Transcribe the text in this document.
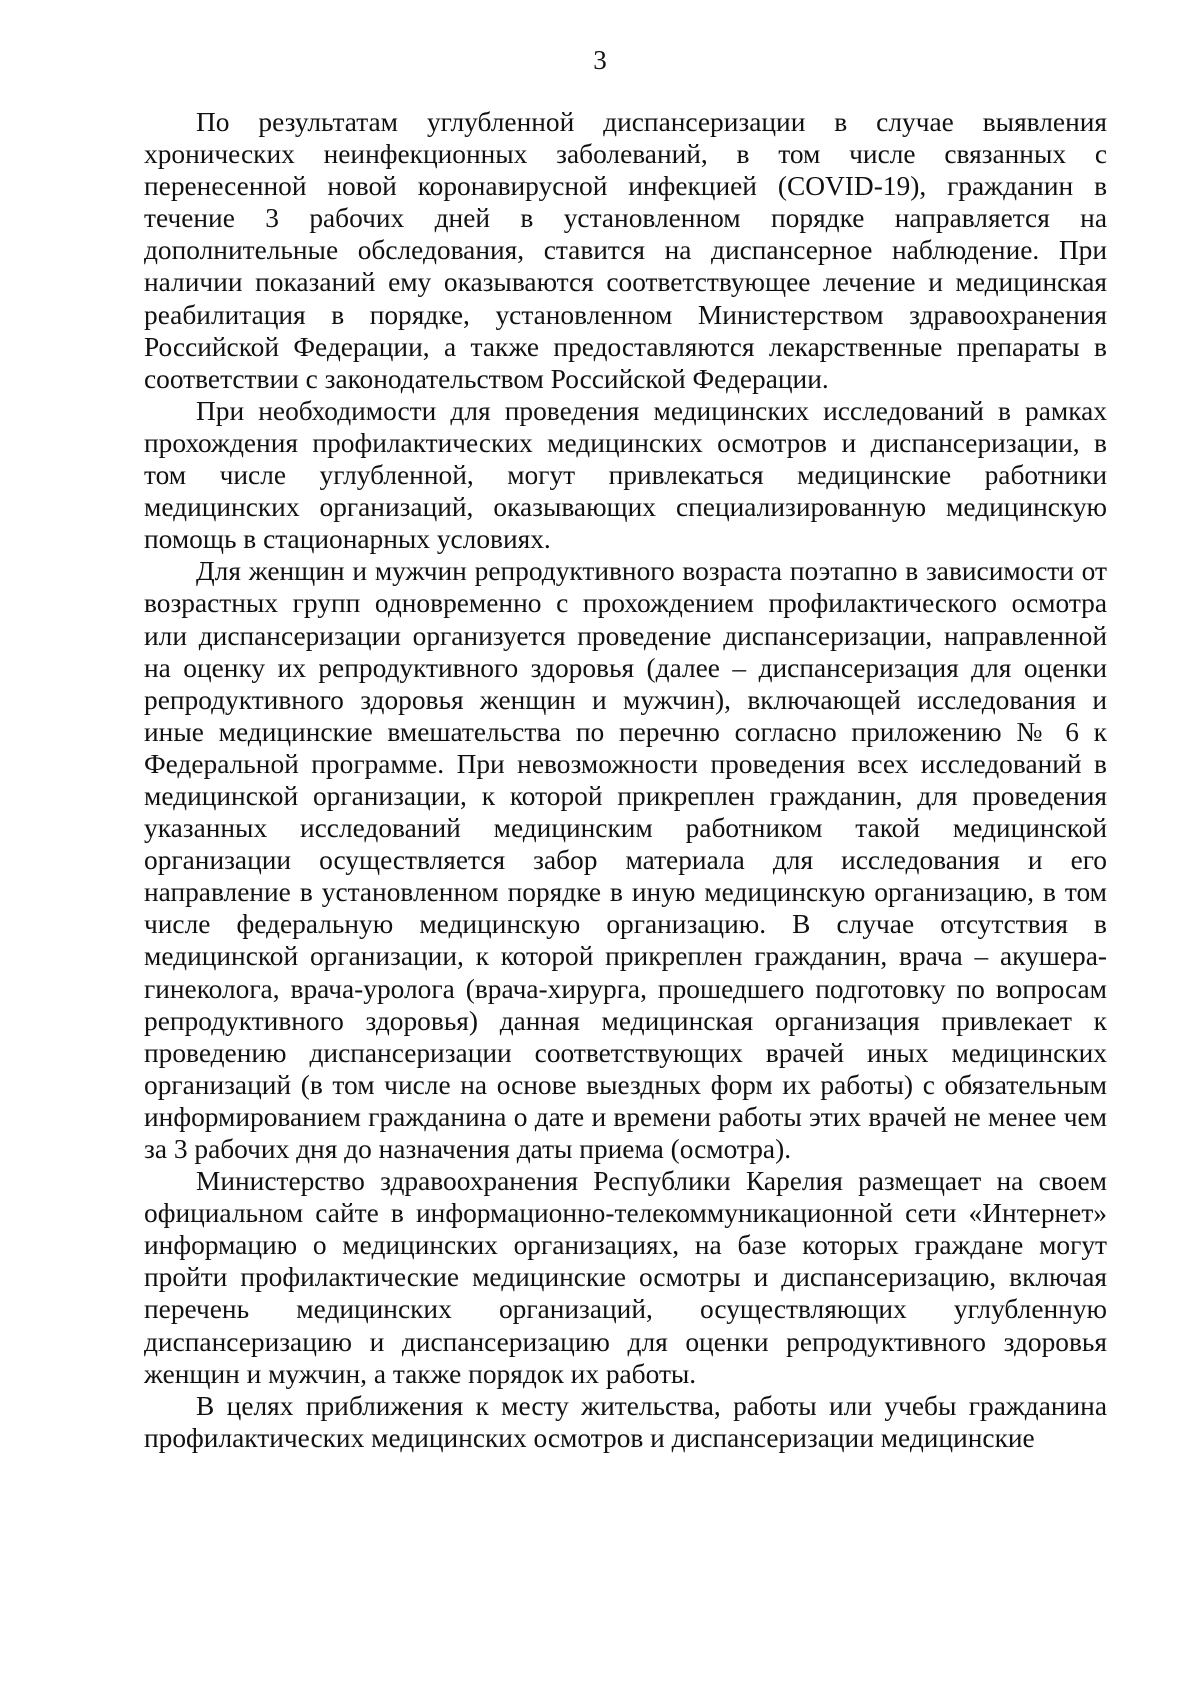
3

По результатам углубленной диспансеризации в случае выявления хронических неинфекционных заболеваний, в том числе связанных с перенесенной новой коронавирусной инфекцией (COVID-19), гражданин в течение 3 рабочих дней в установленном порядке направляется на дополнительные обследования, ставится на диспансерное наблюдение. При наличии показаний ему оказываются соответствующее лечение и медицинская реабилитация в порядке, установленном Министерством здравоохранения Российской Федерации, а также предоставляются лекарственные препараты в соответствии с законодательством Российской Федерации.

При необходимости для проведения медицинских исследований в рамках прохождения профилактических медицинских осмотров и диспансеризации, в том числе углубленной, могут привлекаться медицинские работники медицинских организаций, оказывающих специализированную медицинскую помощь в стационарных условиях.

Для женщин и мужчин репродуктивного возраста поэтапно в зависимости от возрастных групп одновременно с прохождением профилактического осмотра или диспансеризации организуется проведение диспансеризации, направленной на оценку их репродуктивного здоровья (далее – диспансеризация для оценки репродуктивного здоровья женщин и мужчин), включающей исследования и иные медицинские вмешательства по перечню согласно приложению № 6 к Федеральной программе. При невозможности проведения всех исследований в медицинской организации, к которой прикреплен гражданин, для проведения указанных исследований медицинским работником такой медицинской организации осуществляется забор материала для исследования и его направление в установленном порядке в иную медицинскую организацию, в том числе федеральную медицинскую организацию. В случае отсутствия в медицинской организации, к которой прикреплен гражданин, врача – акушера-гинеколога, врача-уролога (врача-хирурга, прошедшего подготовку по вопросам репродуктивного здоровья) данная медицинская организация привлекает к проведению диспансеризации соответствующих врачей иных медицинских организаций (в том числе на основе выездных форм их работы) с обязательным информированием гражданина о дате и времени работы этих врачей не менее чем за 3 рабочих дня до назначения даты приема (осмотра).

Министерство здравоохранения Республики Карелия размещает на своем официальном сайте в информационно-телекоммуникационной сети «Интернет» информацию о медицинских организациях, на базе которых граждане могут пройти профилактические медицинские осмотры и диспансеризацию, включая перечень медицинских организаций, осуществляющих углубленную диспансеризацию и диспансеризацию для оценки репродуктивного здоровья женщин и мужчин, а также порядок их работы.

В целях приближения к месту жительства, работы или учебы гражданина профилактических медицинских осмотров и диспансеризации медицинские
